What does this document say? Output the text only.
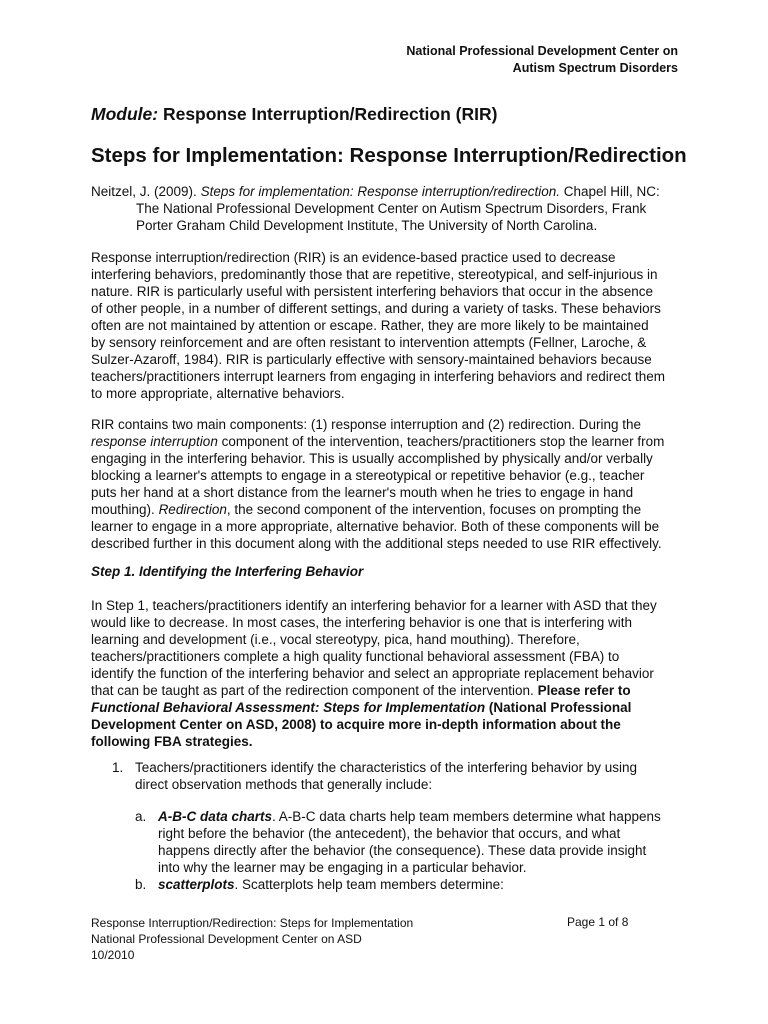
National Professional Development Center on
Autism Spectrum Disorders
Module: Response Interruption/Redirection (RIR)
Steps for Implementation: Response Interruption/Redirection
Neitzel, J. (2009). Steps for implementation: Response interruption/redirection. Chapel Hill, NC:
The National Professional Development Center on Autism Spectrum Disorders, Frank
Porter Graham Child Development Institute, The University of North Carolina.
Response interruption/redirection (RIR) is an evidence-based practice used to decrease
interfering behaviors, predominantly those that are repetitive, stereotypical, and self-injurious in
nature. RIR is particularly useful with persistent interfering behaviors that occur in the absence
of other people, in a number of different settings, and during a variety of tasks. These behaviors
often are not maintained by attention or escape. Rather, they are more likely to be maintained
by sensory reinforcement and are often resistant to intervention attempts (Fellner, Laroche, &
Sulzer-Azaroff, 1984). RIR is particularly effective with sensory-maintained behaviors because
teachers/practitioners interrupt learners from engaging in interfering behaviors and redirect them
to more appropriate, alternative behaviors.
RIR contains two main components: (1) response interruption and (2) redirection. During the
response interruption component of the intervention, teachers/practitioners stop the learner from
engaging in the interfering behavior. This is usually accomplished by physically and/or verbally
blocking a learner's attempts to engage in a stereotypical or repetitive behavior (e.g., teacher
puts her hand at a short distance from the learner's mouth when he tries to engage in hand
mouthing). Redirection, the second component of the intervention, focuses on prompting the
learner to engage in a more appropriate, alternative behavior. Both of these components will be
described further in this document along with the additional steps needed to use RIR effectively.
Step 1. Identifying the Interfering Behavior
In Step 1, teachers/practitioners identify an interfering behavior for a learner with ASD that they
would like to decrease. In most cases, the interfering behavior is one that is interfering with
learning and development (i.e., vocal stereotypy, pica, hand mouthing). Therefore,
teachers/practitioners complete a high quality functional behavioral assessment (FBA) to
identify the function of the interfering behavior and select an appropriate replacement behavior
that can be taught as part of the redirection component of the intervention. Please refer to
Functional Behavioral Assessment: Steps for Implementation (National Professional
Development Center on ASD, 2008) to acquire more in-depth information about the
following FBA strategies.
1. Teachers/practitioners identify the characteristics of the interfering behavior by using
direct observation methods that generally include:
a. A-B-C data charts. A-B-C data charts help team members determine what happens
right before the behavior (the antecedent), the behavior that occurs, and what
happens directly after the behavior (the consequence). These data provide insight
into why the learner may be engaging in a particular behavior.
b. scatterplots. Scatterplots help team members determine:
Response Interruption/Redirection: Steps for Implementation
National Professional Development Center on ASD
10/2010
Page 1 of 8
